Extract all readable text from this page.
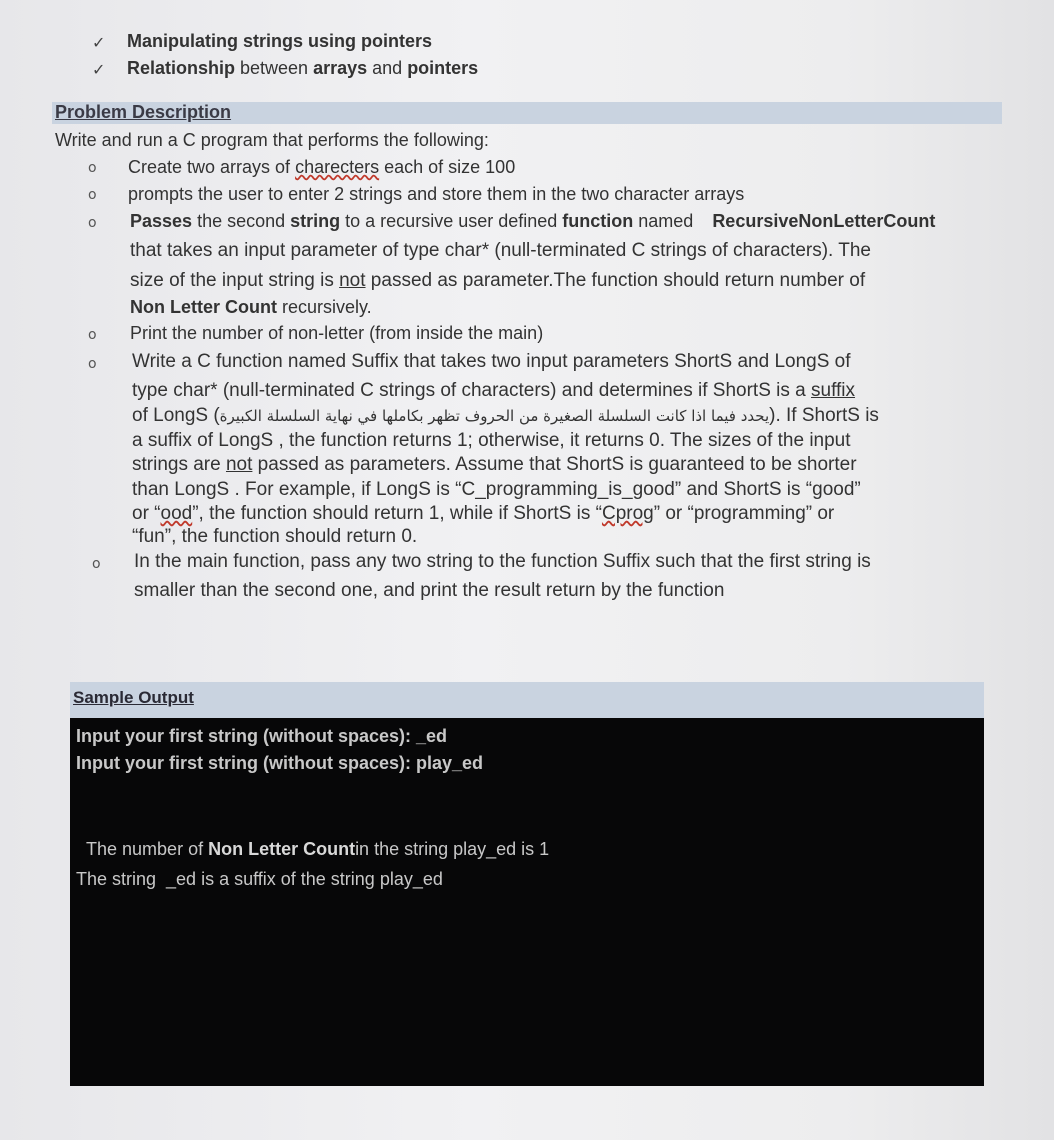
✓ Manipulating strings using pointers
✓ Relationship between arrays and pointers
Problem Description
Write and run a C program that performs the following:
o Create two arrays of charecters each of size 100
o prompts the user to enter 2 strings and store them in the two character arrays
o Passes the second string to a recursive user defined function named RecursiveNonLetterCount
that takes an input parameter of type char* (null-terminated C strings of characters). The
size of the input string is not passed as parameter.The function should return number of
Non Letter Count recursively.
o Print the number of non-letter (from inside the main)
o Write a C function named Suffix that takes two input parameters ShortS and LongS of
type char* (null-terminated C strings of characters) and determines if ShortS is a suffix
of LongS (يحدد فيما اذا كانت السلسلة الصغيرة من الحروف تظهر بكاملها في نهاية السلسلة الكبيرة). If ShortS is
a suffix of LongS , the function returns 1; otherwise, it returns 0. The sizes of the input
strings are not passed as parameters. Assume that ShortS is guaranteed to be shorter
than LongS . For example, if LongS is “C_programming_is_good” and ShortS is “good”
or “ood”, the function should return 1, while if ShortS is “Cprog” or “programming” or
“fun”, the function should return 0.
o In the main function, pass any two string to the function Suffix such that the first string is
smaller than the second one, and print the result return by the function
Sample Output
Input your first string (without spaces): _ed
Input your first string (without spaces): play_ed

The number of Non Letter Countin the string play_ed is 1

The string  _ed is a suffix of the string play_ed
